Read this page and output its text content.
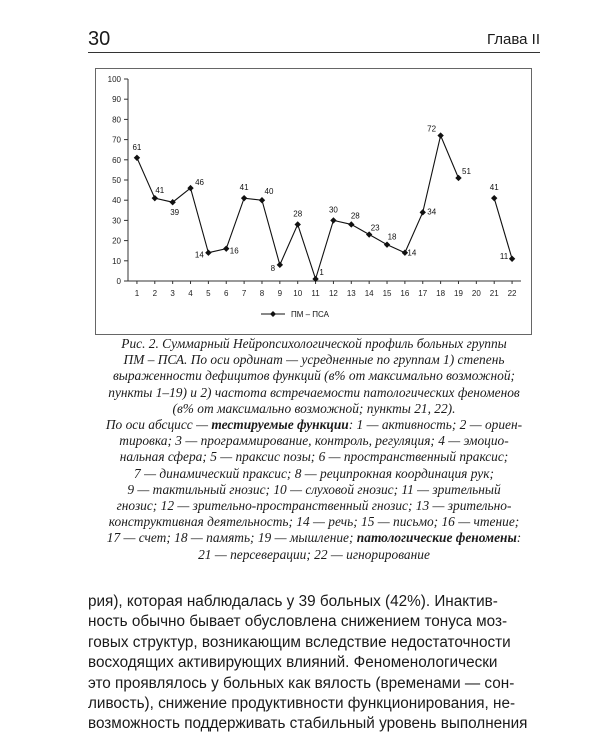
30	Глава II
0
10
20
30
40
50
60
70
80
90
100
1 2 3 4 5 6 7 8 9 10 11 12 13 14 15 16 17 18 19 20 21 22
61
41
39
46
14	16
41 40
8
28
1
30
28
23
18
14
34
72
51
41
11
ПМ – ПСА

Рис. 2. Суммарный Нейропсихологической профиль больных группы

ПМ – ПСА. По оси ординат — усредненные по группам 1) степень

выраженности дефицитов функций (в% от максимально возможной;

пункты 1–19) и 2) частота встречаемости патологических феноменов

(в% от максимально возможной; пункты 21, 22).

По оси абсцисс — тестируемые функции: 1 — активность; 2 — ориен-

тировка; 3 — программирование, контроль, регуляция; 4 — эмоцио-

нальная сфера; 5 — праксис позы; 6 — пространственный праксис;

7 — динамический праксис; 8 — реципрокная координация рук;

9 — тактильный гнозис; 10 — слуховой гнозис; 11 — зрительный

гнозис; 12 — зрительно-пространственный гнозис; 13 — зрительно-

конструктивная деятельность; 14 — речь; 15 — письмо; 16 — чтение;

17 — счет; 18 — память; 19 — мышление; патологические феномены:

21 — персеверации; 22 — игнорирование

рия), которая наблюдалась у 39 больных (42%). Инактив-

ность обычно бывает обусловлена снижением тонуса моз-

говых структур, возникающим вследствие недостаточности

восходящих активирующих влияний. Феноменологически

это проявлялось у больных как вялость (временами — сон-

ливость), снижение продуктивности функционирования, не-

возможность поддерживать стабильный уровень выполнения
